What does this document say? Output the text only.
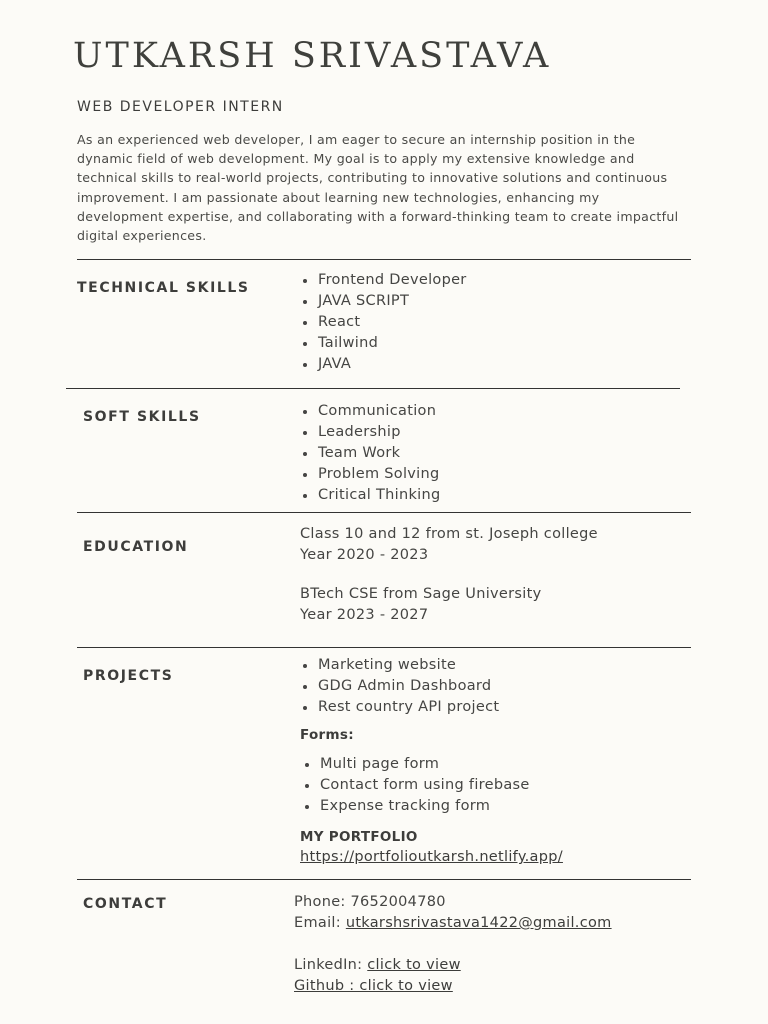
UTKARSH SRIVASTAVA
WEB DEVELOPER INTERN

As an experienced web developer, I am eager to secure an internship position in the dynamic field of web development. My goal is to apply my extensive knowledge and technical skills to real-world projects, contributing to innovative solutions and continuous improvement. I am passionate about learning new technologies, enhancing my development expertise, and collaborating with a forward-thinking team to create impactful digital experiences.

TECHNICAL SKILLS	Frontend Developer
JAVA SCRIPT
React
Tailwind
JAVA
SOFT SKILLS	Communication
Leadership
Team Work
Problem Solving
Critical Thinking
EDUCATION
Class 10 and 12 from st. Joseph college
Year 2020 - 2023
BTech CSE from Sage University
Year 2023 - 2027
PROJECTS
Marketing website
GDG Admin Dashboard
Rest country API project
Forms:
Multi page form
Contact form using firebase
Expense tracking form
MY PORTFOLIO
https://portfolioutkarsh.netlify.app/
CONTACT	Phone: 7652004780
Email: utkarshsrivastava1422@gmail.com
LinkedIn: click to view
Github : click to view
